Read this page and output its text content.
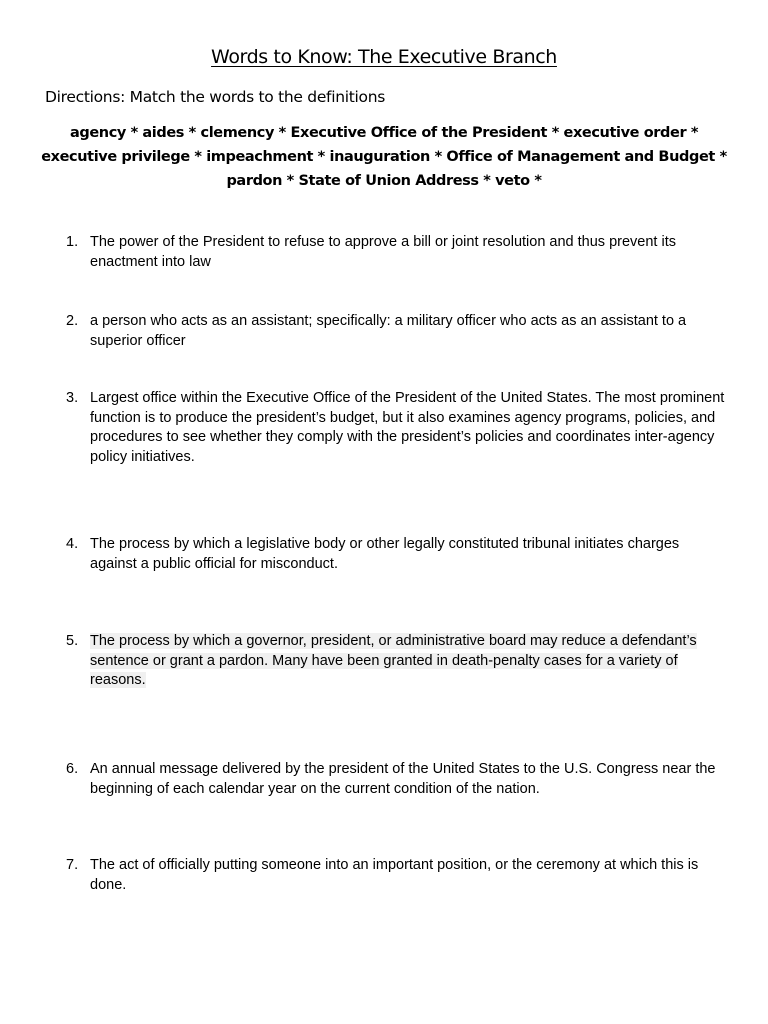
Words to Know: The Executive Branch
Directions: Match the words to the definitions
agency * aides * clemency * Executive Office of the President * executive order *
executive privilege * impeachment * inauguration * Office of Management and Budget *
pardon * State of Union Address * veto *
1. The power of the President to refuse to approve a bill or joint resolution and thus prevent its enactment into law
2. a person who acts as an assistant; specifically: a military officer who acts as an assistant to a superior officer
3. Largest office within the Executive Office of the President of the United States. The most prominent function is to produce the president’s budget, but it also examines agency programs, policies, and procedures to see whether they comply with the president’s policies and coordinates inter-agency policy initiatives.
4. The process by which a legislative body or other legally constituted tribunal initiates charges against a public official for misconduct.
5. The process by which a governor, president, or administrative board may reduce a defendant’s sentence or grant a pardon. Many have been granted in death-penalty cases for a variety of reasons.
6. An annual message delivered by the president of the United States to the U.S. Congress near the beginning of each calendar year on the current condition of the nation.
7. The act of officially putting someone into an important position, or the ceremony at which this is done.
